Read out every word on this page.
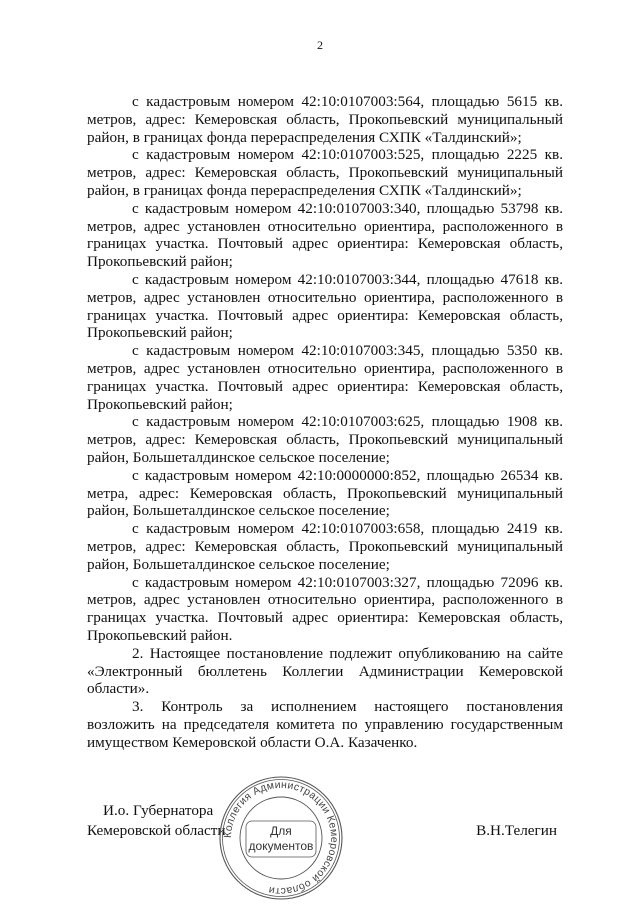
2

с кадастровым номером 42:10:0107003:564, площадью 5615 кв. метров, адрес: Кемеровская область, Прокопьевский муниципальный район, в границах фонда перераспределения СХПК «Талдинский»;

с кадастровым номером 42:10:0107003:525, площадью 2225 кв. метров, адрес: Кемеровская область, Прокопьевский муниципальный район, в границах фонда перераспределения СХПК «Талдинский»;

с кадастровым номером 42:10:0107003:340, площадью 53798 кв. метров, адрес установлен относительно ориентира, расположенного в границах участка. Почтовый адрес ориентира: Кемеровская область, Прокопьевский район;

с кадастровым номером 42:10:0107003:344, площадью 47618 кв. метров, адрес установлен относительно ориентира, расположенного в границах участка. Почтовый адрес ориентира: Кемеровская область, Прокопьевский район;

с кадастровым номером 42:10:0107003:345, площадью 5350 кв. метров, адрес установлен относительно ориентира, расположенного в границах участка. Почтовый адрес ориентира: Кемеровская область, Прокопьевский район;

с кадастровым номером 42:10:0107003:625, площадью 1908 кв. метров, адрес: Кемеровская область, Прокопьевский муниципальный район, Большеталдинское сельское поселение;

с кадастровым номером 42:10:0000000:852, площадью 26534 кв. метра, адрес: Кемеровская область, Прокопьевский муниципальный район, Большеталдинское сельское поселение;

с кадастровым номером 42:10:0107003:658, площадью 2419 кв. метров, адрес: Кемеровская область, Прокопьевский муниципальный район, Большеталдинское сельское поселение;

с кадастровым номером 42:10:0107003:327, площадью 72096 кв. метров, адрес установлен относительно ориентира, расположенного в границах участка. Почтовый адрес ориентира: Кемеровская область, Прокопьевский район.

2. Настоящее постановление подлежит опубликованию на сайте «Электронный бюллетень Коллегии Администрации Кемеровской области».

3. Контроль за исполнением настоящего постановления возложить на председателя комитета по управлению государственным имуществом Кемеровской области О.А. Казаченко.

И.о. Губернатора
Кемеровской области	В.Н.Телегин
Коллегия Администрации Кемеровской области
Для
документов
